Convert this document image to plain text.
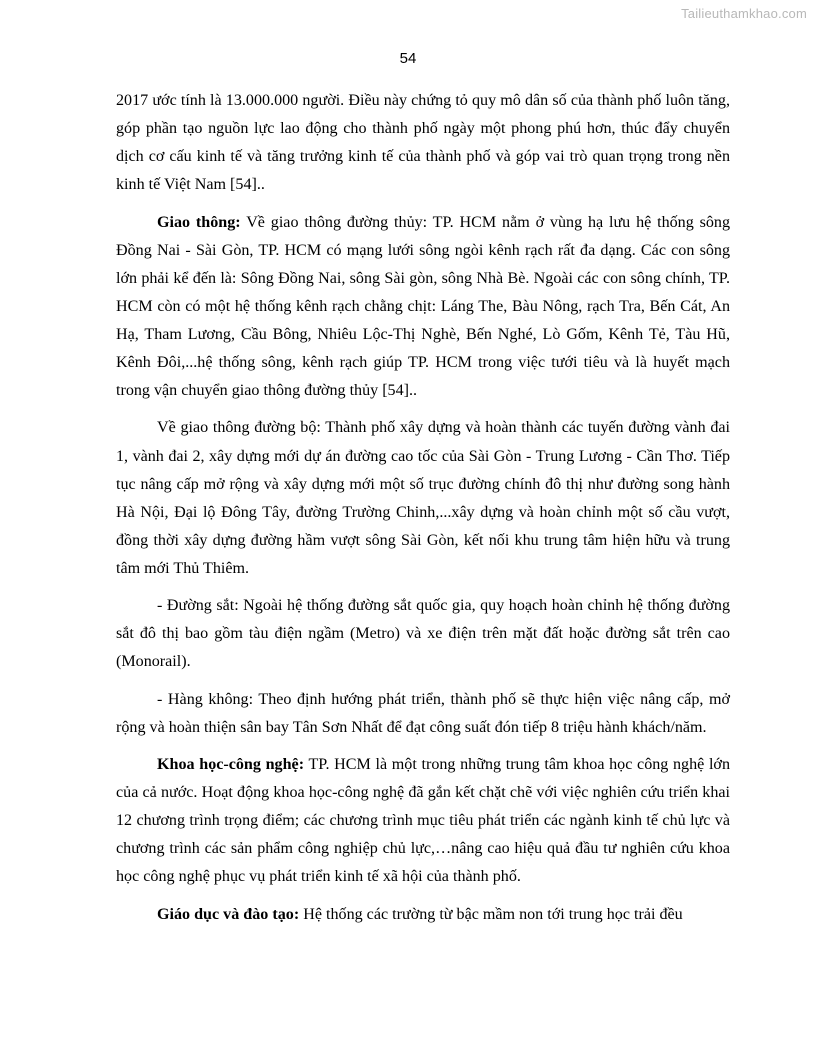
Tailieuthamkhao.com
54

2017 ước tính là 13.000.000 người. Điều này chứng tỏ quy mô dân số của thành phố luôn tăng, góp phần tạo nguồn lực lao động cho thành phố ngày một phong phú hơn, thúc đẩy chuyển dịch cơ cấu kinh tế và tăng trưởng kinh tế của thành phố và góp vai trò quan trọng trong nền kinh tế Việt Nam [54]..

Giao thông: Về giao thông đường thủy: TP. HCM nằm ở vùng hạ lưu hệ thống sông Đồng Nai - Sài Gòn, TP. HCM có mạng lưới sông ngòi kênh rạch rất đa dạng. Các con sông lớn phải kể đến là: Sông Đồng Nai, sông Sài gòn, sông Nhà Bè. Ngoài các con sông chính, TP. HCM còn có một hệ thống kênh rạch chằng chịt: Láng The, Bàu Nông, rạch Tra, Bến Cát, An Hạ, Tham Lương, Cầu Bông, Nhiêu Lộc-Thị Nghè, Bến Nghé, Lò Gốm, Kênh Tẻ, Tàu Hũ, Kênh Đôi,...hệ thống sông, kênh rạch giúp TP. HCM trong việc tưới tiêu và là huyết mạch trong vận chuyển giao thông đường thủy [54]..

Về giao thông đường bộ: Thành phố xây dựng và hoàn thành các tuyến đường vành đai 1, vành đai 2, xây dựng mới dự án đường cao tốc của Sài Gòn - Trung Lương - Cần Thơ. Tiếp tục nâng cấp mở rộng và xây dựng mới một số trục đường chính đô thị như đường song hành Hà Nội, Đại lộ Đông Tây, đường Trường Chinh,...xây dựng và hoàn chỉnh một số cầu vượt, đồng thời xây dựng đường hầm vượt sông Sài Gòn, kết nối khu trung tâm hiện hữu và trung tâm mới Thủ Thiêm.

- Đường sắt: Ngoài hệ thống đường sắt quốc gia, quy hoạch hoàn chỉnh hệ thống đường sắt đô thị bao gồm tàu điện ngầm (Metro) và xe điện trên mặt đất hoặc đường sắt trên cao (Monorail).

- Hàng không: Theo định hướng phát triển, thành phố sẽ thực hiện việc nâng cấp, mở rộng và hoàn thiện sân bay Tân Sơn Nhất để đạt công suất đón tiếp 8 triệu hành khách/năm.

Khoa học-công nghệ: TP. HCM là một trong những trung tâm khoa học công nghệ lớn của cả nước. Hoạt động khoa học-công nghệ đã gắn kết chặt chẽ với việc nghiên cứu triển khai 12 chương trình trọng điểm; các chương trình mục tiêu phát triển các ngành kinh tế chủ lực và chương trình các sản phẩm công nghiệp chủ lực,…nâng cao hiệu quả đầu tư nghiên cứu khoa học công nghệ phục vụ phát triển kinh tế xã hội của thành phố.

Giáo dục và đào tạo: Hệ thống các trường từ bậc mầm non tới trung học trải đều
